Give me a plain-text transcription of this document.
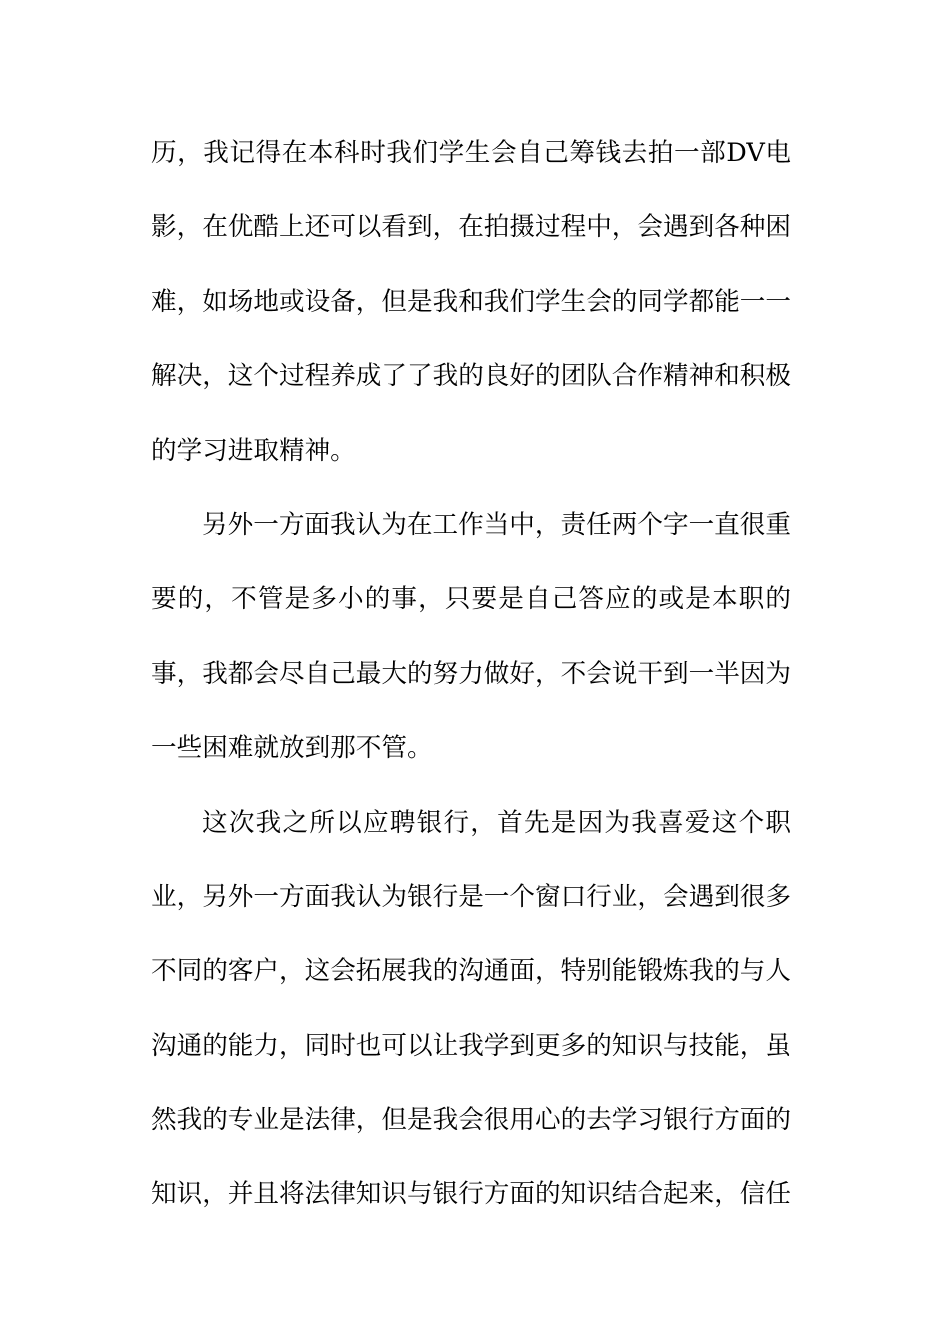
历，我记得在本科时我们学生会自己筹钱去拍一部DV电
影，在优酷上还可以看到，在拍摄过程中，会遇到各种困
难，如场地或设备，但是我和我们学生会的同学都能一一
解决，这个过程养成了了我的良好的团队合作精神和积极
的学习进取精神。
另外一方面我认为在工作当中，责任两个字一直很重
要的，不管是多小的事，只要是自己答应的或是本职的
事，我都会尽自己最大的努力做好，不会说干到一半因为
一些困难就放到那不管。
这次我之所以应聘银行，首先是因为我喜爱这个职
业，另外一方面我认为银行是一个窗口行业，会遇到很多
不同的客户，这会拓展我的沟通面，特别能锻炼我的与人
沟通的能力，同时也可以让我学到更多的知识与技能，虽
然我的专业是法律，但是我会很用心的去学习银行方面的
知识，并且将法律知识与银行方面的知识结合起来，信任
